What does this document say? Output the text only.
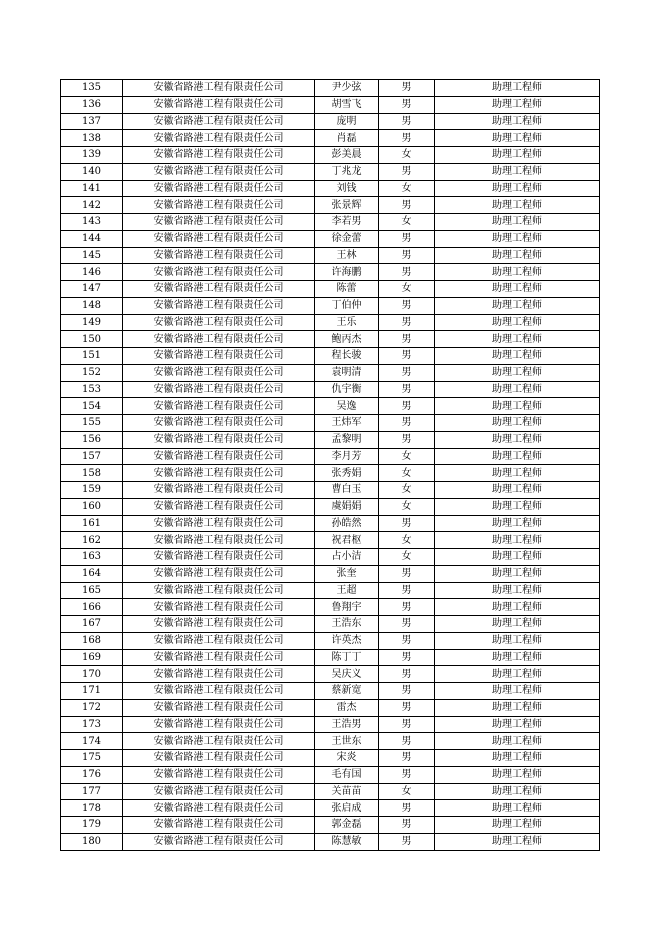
135	安徽省路港工程有限责任公司	尹少弦	男	助理工程师
136	安徽省路港工程有限责任公司	胡雪飞	男	助理工程师
137	安徽省路港工程有限责任公司	庞明	男	助理工程师
138	安徽省路港工程有限责任公司	肖磊	男	助理工程师
139	安徽省路港工程有限责任公司	彭美晨	女	助理工程师
140	安徽省路港工程有限责任公司	丁兆龙	男	助理工程师
141	安徽省路港工程有限责任公司	刘钱	女	助理工程师
142	安徽省路港工程有限责任公司	张景辉	男	助理工程师
143	安徽省路港工程有限责任公司	李若男	女	助理工程师
144	安徽省路港工程有限责任公司	徐金蕾	男	助理工程师
145	安徽省路港工程有限责任公司	王林	男	助理工程师
146	安徽省路港工程有限责任公司	许海鹏	男	助理工程师
147	安徽省路港工程有限责任公司	陈蕾	女	助理工程师
148	安徽省路港工程有限责任公司	丁伯仲	男	助理工程师
149	安徽省路港工程有限责任公司	王乐	男	助理工程师
150	安徽省路港工程有限责任公司	鲍丙杰	男	助理工程师
151	安徽省路港工程有限责任公司	程长骏	男	助理工程师
152	安徽省路港工程有限责任公司	袁明清	男	助理工程师
153	安徽省路港工程有限责任公司	仇宇衡	男	助理工程师
154	安徽省路港工程有限责任公司	吴逸	男	助理工程师
155	安徽省路港工程有限责任公司	王炜军	男	助理工程师
156	安徽省路港工程有限责任公司	孟黎明	男	助理工程师
157	安徽省路港工程有限责任公司	李月芳	女	助理工程师
158	安徽省路港工程有限责任公司	张秀娟	女	助理工程师
159	安徽省路港工程有限责任公司	曹白玉	女	助理工程师
160	安徽省路港工程有限责任公司	虞娟娟	女	助理工程师
161	安徽省路港工程有限责任公司	孙皓然	男	助理工程师
162	安徽省路港工程有限责任公司	祝君枢	女	助理工程师
163	安徽省路港工程有限责任公司	占小洁	女	助理工程师
164	安徽省路港工程有限责任公司	张奎	男	助理工程师
165	安徽省路港工程有限责任公司	王超	男	助理工程师
166	安徽省路港工程有限责任公司	鲁翔宇	男	助理工程师
167	安徽省路港工程有限责任公司	王浩东	男	助理工程师
168	安徽省路港工程有限责任公司	许英杰	男	助理工程师
169	安徽省路港工程有限责任公司	陈丁丁	男	助理工程师
170	安徽省路港工程有限责任公司	吴庆义	男	助理工程师
171	安徽省路港工程有限责任公司	蔡新宽	男	助理工程师
172	安徽省路港工程有限责任公司	雷杰	男	助理工程师
173	安徽省路港工程有限责任公司	王浩男	男	助理工程师
174	安徽省路港工程有限责任公司	王世东	男	助理工程师
175	安徽省路港工程有限责任公司	宋炎	男	助理工程师
176	安徽省路港工程有限责任公司	毛有国	男	助理工程师
177	安徽省路港工程有限责任公司	关苗苗	女	助理工程师
178	安徽省路港工程有限责任公司	张启成	男	助理工程师
179	安徽省路港工程有限责任公司	郭金磊	男	助理工程师
180	安徽省路港工程有限责任公司	陈慧敏	男	助理工程师
